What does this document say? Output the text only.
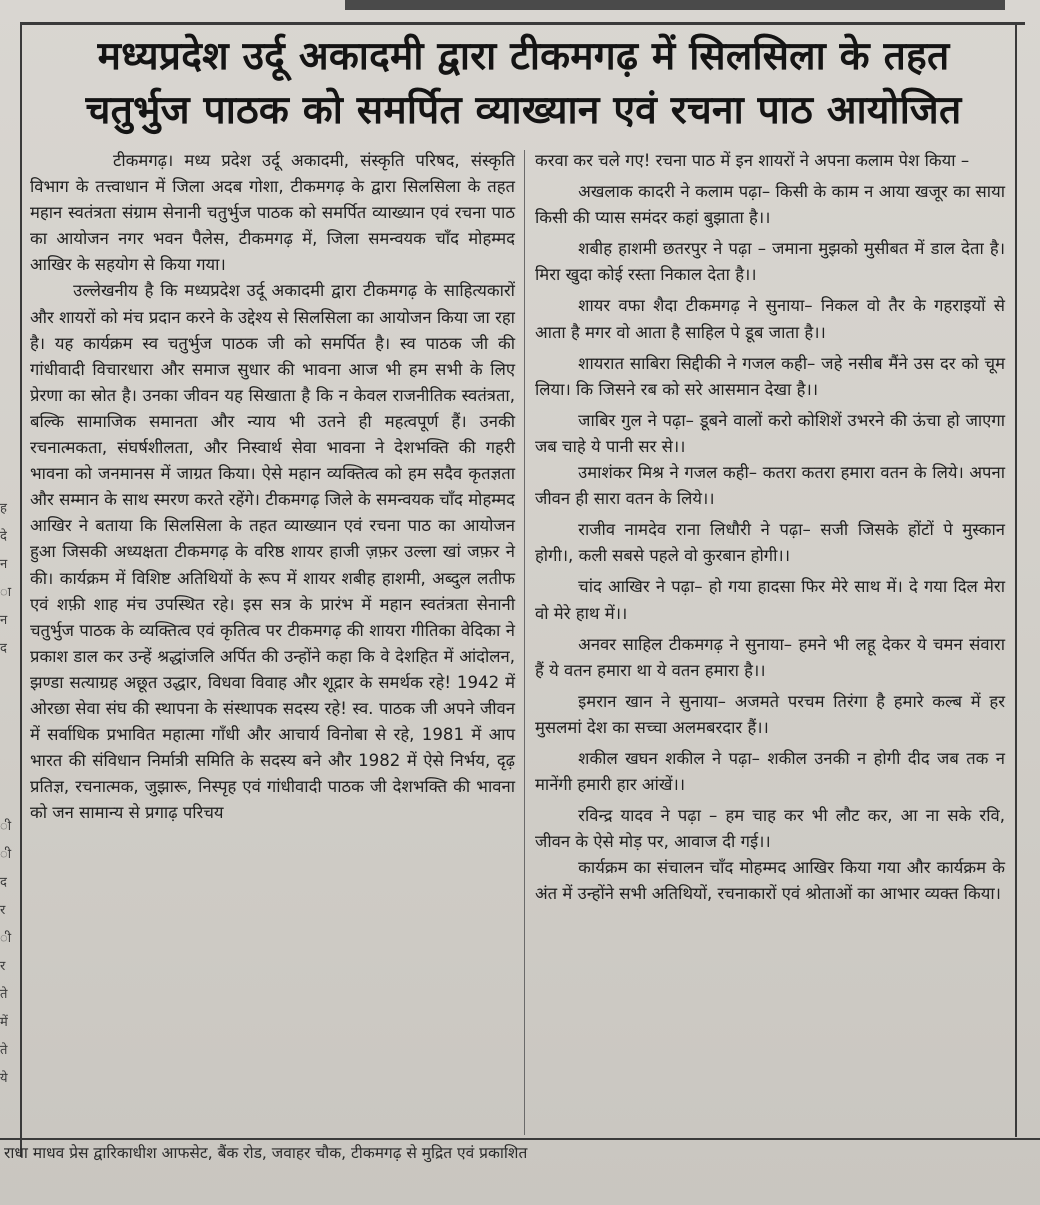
ह
दे
न
ा
न
द
ी
ी
द
र
ी
र
ते
में
ते
ये
मध्यप्रदेश उर्दू अकादमी द्वारा टीकमगढ़ में सिलसिला के तहत
चतुर्भुज पाठक को समर्पित व्याख्यान एवं रचना पाठ आयोजित

टीकमगढ़। मध्य प्रदेश उर्दू अकादमी, संस्कृति परिषद, संस्कृति विभाग के तत्त्वाधान में जिला अदब गोशा, टीकमगढ़ के द्वारा सिलसिला के तहत महान स्वतंत्रता संग्राम सेनानी चतुर्भुज पाठक को समर्पित व्याख्यान एवं रचना पाठ का आयोजन नगर भवन पैलेस, टीकमगढ़ में, जिला समन्वयक चाँद मोहम्मद आखिर के सहयोग से किया गया।

उल्लेखनीय है कि मध्यप्रदेश उर्दू अकादमी द्वारा टीकमगढ़ के साहित्यकारों और शायरों को मंच प्रदान करने के उद्देश्य से सिलसिला का आयोजन किया जा रहा है। यह कार्यक्रम स्व चतुर्भुज पाठक जी को समर्पित है। स्व पाठक जी की गांधीवादी विचारधारा और समाज सुधार की भावना आज भी हम सभी के लिए प्रेरणा का स्रोत है। उनका जीवन यह सिखाता है कि न केवल राजनीतिक स्वतंत्रता, बल्कि सामाजिक समानता और न्याय भी उतने ही महत्वपूर्ण हैं। उनकी रचनात्मकता, संघर्षशीलता, और निस्वार्थ सेवा भावना ने देशभक्ति की गहरी भावना को जनमानस में जाग्रत किया। ऐसे महान व्यक्तित्व को हम सदैव कृतज्ञता और सम्मान के साथ स्मरण करते रहेंगे। टीकमगढ़ जिले के समन्वयक चाँद मोहम्मद आखिर ने बताया कि सिलसिला के तहत व्याख्यान एवं रचना पाठ का आयोजन हुआ जिसकी अध्यक्षता टीकमगढ़ के वरिष्ठ शायर हाजी ज़फ़र उल्ला खां जफ़र ने की। कार्यक्रम में विशिष्ट अतिथियों के रूप में शायर शबीह हाशमी, अब्दुल लतीफ एवं शफ़ी शाह मंच उपस्थित रहे। इस सत्र के प्रारंभ में महान स्वतंत्रता सेनानी चतुर्भुज पाठक के व्यक्तित्व एवं कृतित्व पर टीकमगढ़ की शायरा गीतिका वेदिका ने प्रकाश डाल कर उन्हें श्रद्धांजलि अर्पित की उन्होंने कहा कि वे देशहित में आंदोलन, झण्डा सत्याग्रह अछूत उद्धार, विधवा विवाह और शूद्रार के समर्थक रहे! 1942 में ओरछा सेवा संघ की स्थापना के संस्थापक सदस्य रहे! स्व. पाठक जी अपने जीवन में सर्वाधिक प्रभावित महात्मा गाँधी और आचार्य विनोबा से रहे, 1981 में आप भारत की संविधान निर्मात्री समिति के सदस्य बने और 1982 में ऐसे निर्भय, दृढ़ प्रतिज्ञ, रचनात्मक, जुझारू, निस्पृह एवं गांधीवादी पाठक जी देशभक्ति की भावना को जन सामान्य से प्रगाढ़ परिचय

करवा कर चले गए! रचना पाठ में इन शायरों ने अपना कलाम पेश किया –

अखलाक कादरी ने कलाम पढ़ा– किसी के काम न आया खजूर का साया किसी की प्यास समंदर कहां बुझाता है।।

शबीह हाशमी छतरपुर ने पढ़ा – जमाना मुझको मुसीबत में डाल देता है। मिरा खुदा कोई रस्ता निकाल देता है।।

शायर वफा शैदा टीकमगढ़ ने सुनाया– निकल वो तैर के गहराइयों से आता है मगर वो आता है साहिल पे डूब जाता है।।

शायरात साबिरा सिद्दीकी ने गजल कही– जहे नसीब मैंने उस दर को चूम लिया। कि जिसने रब को सरे आसमान देखा है।।

जाबिर गुल ने पढ़ा– डूबने वालों करो कोशिशें उभरने की ऊंचा हो जाएगा जब चाहे ये पानी सर से।।

उमाशंकर मिश्र ने गजल कही– कतरा कतरा हमारा वतन के लिये। अपना जीवन ही सारा वतन के लिये।।

राजीव नामदेव राना लिधौरी ने पढ़ा– सजी जिसके होंटों पे मुस्कान होगी।, कली सबसे पहले वो कुरबान होगी।।

चांद आखिर ने पढ़ा– हो गया हादसा फिर मेरे साथ में। दे गया दिल मेरा वो मेरे हाथ में।।

अनवर साहिल टीकमगढ़ ने सुनाया– हमने भी लहू देकर ये चमन संवारा हैं ये वतन हमारा था ये वतन हमारा है।।

इमरान खान ने सुनाया– अजमते परचम तिरंगा है हमारे कल्ब में हर मुसलमां देश का सच्चा अलमबरदार हैं।।

शकील खघन शकील ने पढ़ा– शकील उनकी न होगी दीद जब तक न मानेंगी हमारी हार आंखें।।

रविन्द्र यादव ने पढ़ा – हम चाह कर भी लौट कर, आ ना सके रवि, जीवन के ऐसे मोड़ पर, आवाज दी गई।।

कार्यक्रम का संचालन चाँद मोहम्मद आखिर किया गया और कार्यक्रम के अंत में उन्होंने सभी अतिथियों, रचनाकारों एवं श्रोताओं का आभार व्यक्त किया।

राधा माधव प्रेस द्वारिकाधीश आफसेट, बैंक रोड, जवाहर चौक, टीकमगढ़ से मुद्रित एवं प्रकाशित
